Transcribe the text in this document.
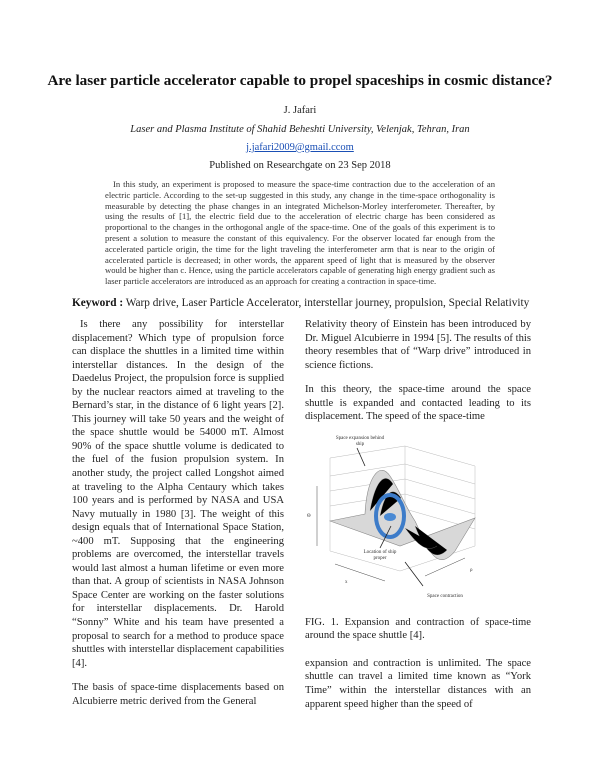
Are laser particle accelerator capable to propel spaceships in cosmic distance?
J. Jafari
Laser and Plasma Institute of Shahid Beheshti University, Velenjak, Tehran, Iran
j.jafari2009@gmail.ccom
Published on Researchgate on 23 Sep 2018
In this study, an experiment is proposed to measure the space-time contraction due to the acceleration of an electric particle. According to the set-up suggested in this study, any change in the time-space orthogonality is measurable by detecting the phase changes in an integrated Michelson-Morley interferometer. Thereafter, by using the results of [1], the electric field due to the acceleration of electric charge has been considered as proportional to the changes in the orthogonal angle of the space-time. One of the goals of this experiment is to present a solution to measure the constant of this equivalency. For the observer located far enough from the accelerated particle origin, the time for the light traveling the interferometer arm that is near to the origin of accelerated particle is decreased; in other words, the apparent speed of light that is measured by the observer would be higher than c. Hence, using the particle accelerators capable of generating high energy gradient such as laser particle accelerators are introduced as an approach for creating a contraction in space-time.
Keyword : Warp drive, Laser Particle Accelerator, interstellar journey, propulsion, Special Relativity

Is there any possibility for interstellar displacement? Which type of propulsion force can displace the shuttles in a limited time within interstellar distances. In the design of the Daedelus Project, the propulsion force is supplied by the nuclear reactors aimed at traveling to the Bernard’s star, in the distance of 6 light years [2]. This journey will take 50 years and the weight of the space shuttle would be 54000 mT. Almost 90% of the space shuttle volume is dedicated to the fuel of the fusion propulsion system. In another study, the project called Longshot aimed at traveling to the Alpha Centaury which takes 100 years and is performed by NASA and USA Navy mutually in 1980 [3]. The weight of this design equals that of International Space Station, ~400 mT. Supposing that the engineering problems are overcomed, the interstellar travels would last almost a human lifetime or even more than that. A group of scientists in NASA Johnson Space Center are working on the faster solutions for interstellar displacements. Dr. Harold “Sonny” White and his team have presented a proposal to search for a method to produce space shuttles with interstellar displacement capabilities [4].

The basis of space-time displacements based on Alcubierre metric derived from the General

Relativity theory of Einstein has been introduced by Dr. Miguel Alcubierre in 1994 [5]. The results of this theory resembles that of “Warp drive” introduced in science fictions.

In this theory, the space-time around the space shuttle is expanded and contacted leading to its displacement. The speed of the space-time

Space expansion behind ship
Location of ship proper
Space contraction
Θ
x
ρ

FIG. 1. Expansion and contraction of space-time around the space shuttle [4].

expansion and contraction is unlimited. The space shuttle can travel a limited time known as “York Time” within the interstellar distances with an apparent speed higher than the speed of
